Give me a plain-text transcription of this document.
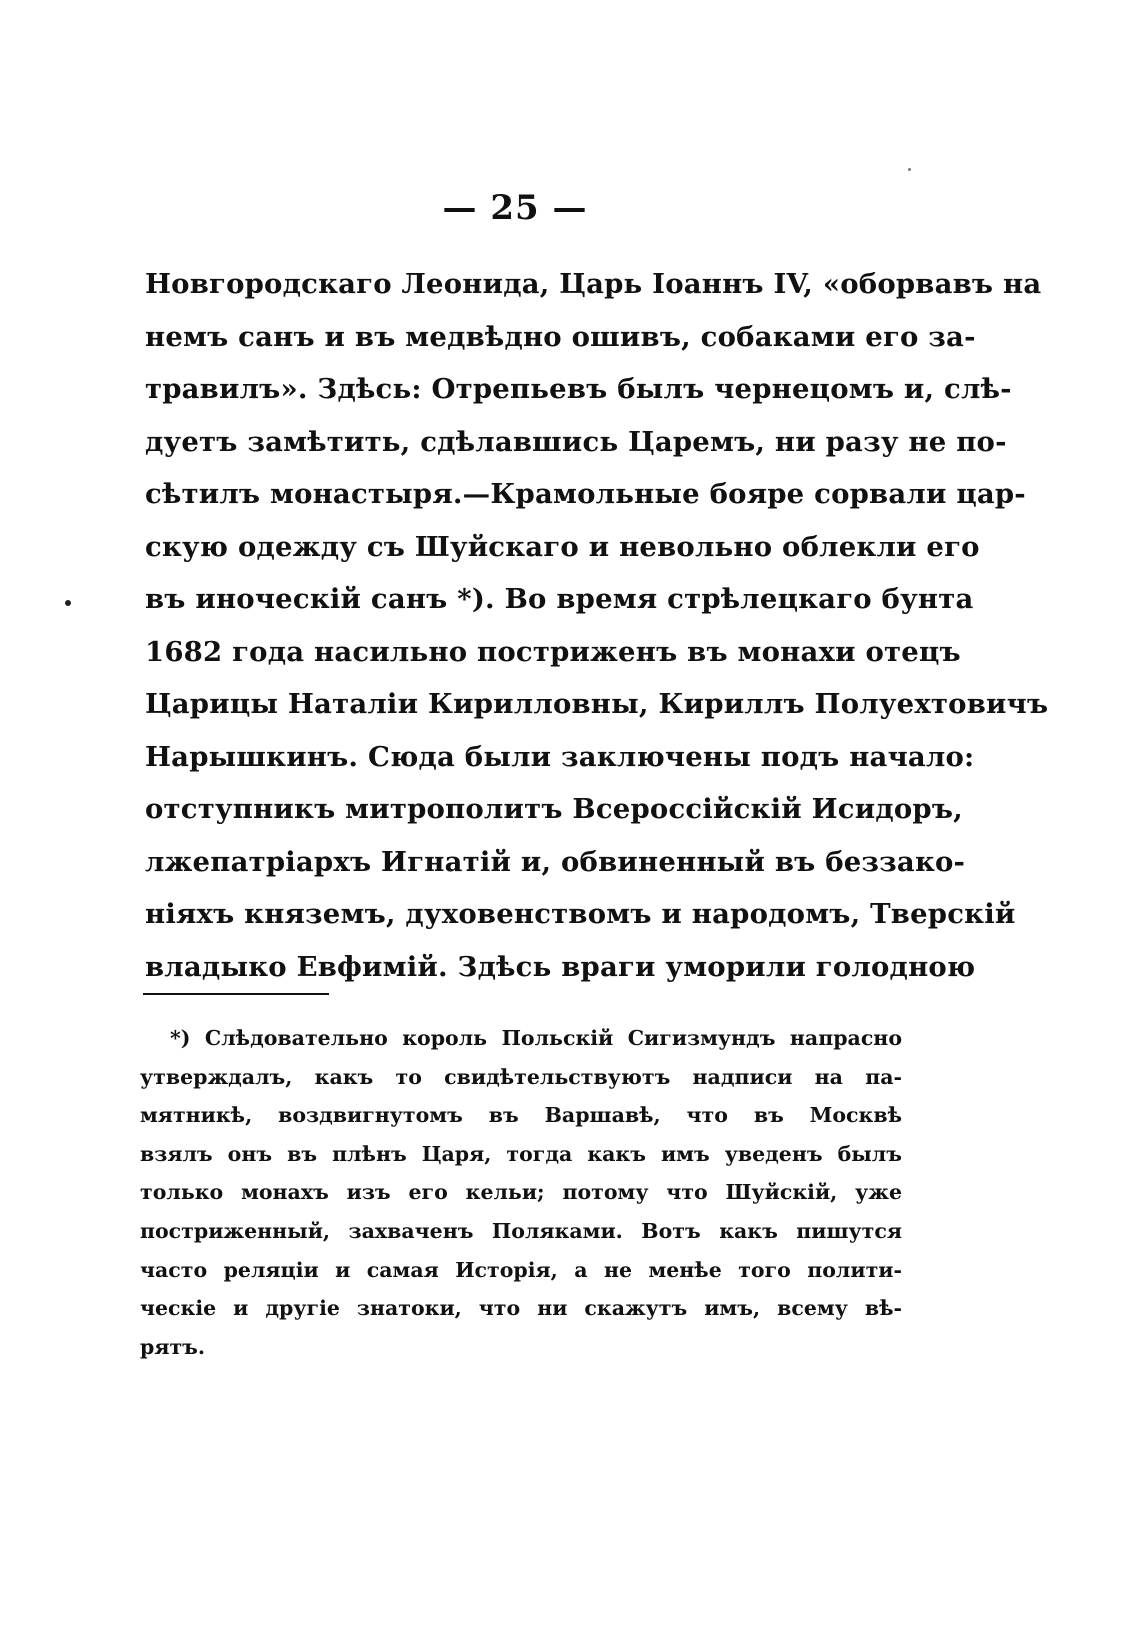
— 25 —
Новгородскаго Леонида, Царь Іоаннъ IV, «оборвавъ на
немъ санъ и въ медвѣдно ошивъ, собаками его за-
травилъ». Здѣсь: Отрепьевъ былъ чернецомъ и, слѣ-
дуетъ замѣтить, сдѣлавшись Царемъ, ни разу не по-
сѣтилъ монастыря.—Крамольные бояре сорвали цар-
скую одежду съ Шуйскаго и невольно облекли его
въ иноческій санъ *). Во время стрѣлецкаго бунта
1682 года насильно постриженъ въ монахи отецъ
Царицы Наталіи Кирилловны, Кириллъ Полуехтовичъ
Нарышкинъ. Сюда были заключены подъ начало:
отступникъ митрополитъ Всероссійскій Исидоръ,
лжепатріархъ Игнатій и, обвиненный въ беззако-
ніяхъ княземъ, духовенствомъ и народомъ, Тверскій
владыко Евфимій. Здѣсь враги уморили голодною
*) Слѣдовательно король Польскій Сигизмундъ напрасно
утверждалъ, какъ то свидѣтельствуютъ надписи на па-
мятникѣ, воздвигнутомъ въ Варшавѣ, что въ Москвѣ
взялъ онъ въ плѣнъ Царя, тогда какъ имъ уведенъ былъ
только монахъ изъ его кельи; потому что Шуйскій, уже
постриженный, захваченъ Поляками. Вотъ какъ пишутся
часто реляціи и самая Исторія, а не менѣе того полити-
ческіе и другіе знатоки, что ни скажутъ имъ, всему вѣ-
рятъ.
